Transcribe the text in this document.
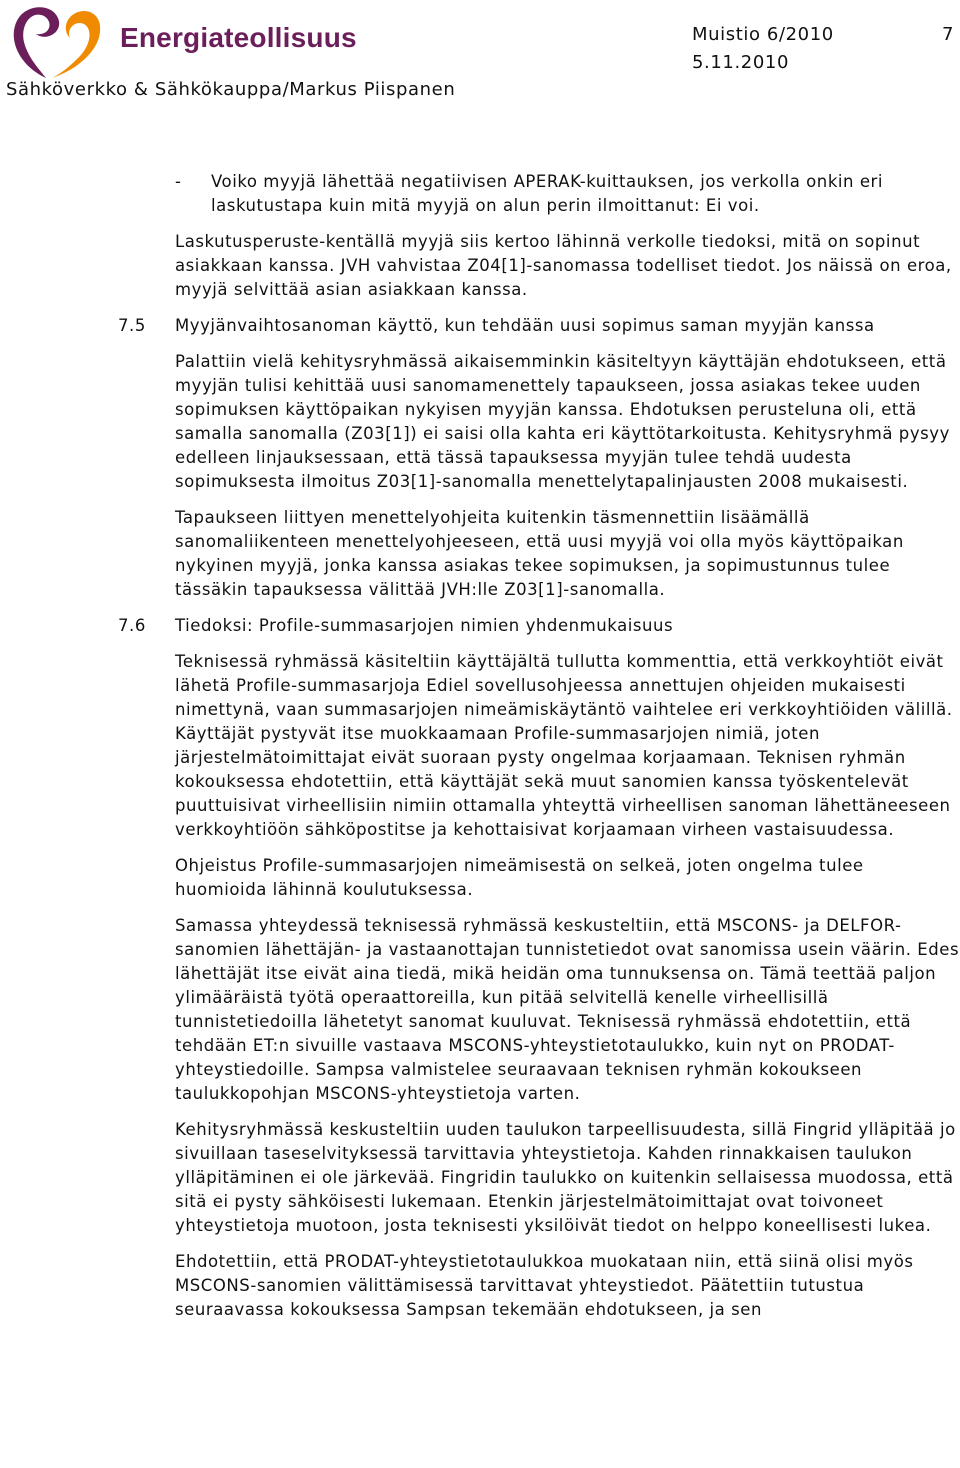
Energiateollisuus	Muistio 6/2010	7
5.11.2010
Sähköverkko & Sähkökauppa/Markus Piispanen
- Voiko myyjä lähettää negatiivisen APERAK-kuittauksen, jos verkolla onkin eri laskutustapa kuin mitä myyjä on alun perin ilmoittanut: Ei voi.

Laskutusperuste-kentällä myyjä siis kertoo lähinnä verkolle tiedoksi, mitä on sopinut asiakkaan kanssa. JVH vahvistaa Z04[1]-sanomassa todelliset tiedot. Jos näissä on eroa, myyjä selvittää asian asiakkaan kanssa.

7.5 Myyjänvaihtosanoman käyttö, kun tehdään uusi sopimus saman myyjän kanssa

Palattiin vielä kehitysryhmässä aikaisemminkin käsiteltyyn käyttäjän ehdotukseen, että myyjän tulisi kehittää uusi sanomamenettely tapaukseen, jossa asiakas tekee uuden sopimuksen käyttöpaikan nykyisen myyjän kanssa. Ehdotuksen perusteluna oli, että samalla sanomalla (Z03[1]) ei saisi olla kahta eri käyttötarkoitusta. Kehitysryhmä pysyy edelleen linjauksessaan, että tässä tapauksessa myyjän tulee tehdä uudesta sopimuksesta ilmoitus Z03[1]-sanomalla menettelytapalinjausten 2008 mukaisesti.

Tapaukseen liittyen menettelyohjeita kuitenkin täsmennettiin lisäämällä sanomaliikenteen menettelyohjeeseen, että uusi myyjä voi olla myös käyttöpaikan nykyinen myyjä, jonka kanssa asiakas tekee sopimuksen, ja sopimustunnus tulee tässäkin tapauksessa välittää JVH:lle Z03[1]-sanomalla.

7.6 Tiedoksi: Profile-summasarjojen nimien yhdenmukaisuus

Teknisessä ryhmässä käsiteltiin käyttäjältä tullutta kommenttia, että verkkoyhtiöt eivät lähetä Profile-summasarjoja Ediel sovellusohjeessa annettujen ohjeiden mukaisesti nimettynä, vaan summasarjojen nimeämiskäytäntö vaihtelee eri verkkoyhtiöiden välillä. Käyttäjät pystyvät itse muokkaamaan Profile-summasarjojen nimiä, joten järjestelmätoimittajat eivät suoraan pysty ongelmaa korjaamaan. Teknisen ryhmän kokouksessa ehdotettiin, että käyttäjät sekä muut sanomien kanssa työskentelevät puuttuisivat virheellisiin nimiin ottamalla yhteyttä virheellisen sanoman lähettäneeseen verkkoyhtiöön sähköpostitse ja kehottaisivat korjaamaan virheen vastaisuudessa.

Ohjeistus Profile-summasarjojen nimeämisestä on selkeä, joten ongelma tulee huomioida lähinnä koulutuksessa.

Samassa yhteydessä teknisessä ryhmässä keskusteltiin, että MSCONS- ja DELFOR-sanomien lähettäjän- ja vastaanottajan tunnistetiedot ovat sanomissa usein väärin. Edes lähettäjät itse eivät aina tiedä, mikä heidän oma tunnuksensa on. Tämä teettää paljon ylimääräistä työtä operaattoreilla, kun pitää selvitellä kenelle virheellisillä tunnistetiedoilla lähetetyt sanomat kuuluvat. Teknisessä ryhmässä ehdotettiin, että tehdään ET:n sivuille vastaava MSCONS-yhteystietotaulukko, kuin nyt on PRODAT-yhteystiedoille. Sampsa valmistelee seuraavaan teknisen ryhmän kokoukseen taulukkopohjan MSCONS-yhteystietoja varten.

Kehitysryhmässä keskusteltiin uuden taulukon tarpeellisuudesta, sillä Fingrid ylläpitää jo sivuillaan taseselvityksessä tarvittavia yhteystietoja. Kahden rinnakkaisen taulukon ylläpitäminen ei ole järkevää. Fingridin taulukko on kuitenkin sellaisessa muodossa, että sitä ei pysty sähköisesti lukemaan. Etenkin järjestelmätoimittajat ovat toivoneet yhteystietoja muotoon, josta teknisesti yksilöivät tiedot on helppo koneellisesti lukea.

Ehdotettiin, että PRODAT-yhteystietotaulukkoa muokataan niin, että siinä olisi myös MSCONS-sanomien välittämisessä tarvittavat yhteystiedot. Päätettiin tutustua seuraavassa kokouksessa Sampsan tekemään ehdotukseen, ja sen
